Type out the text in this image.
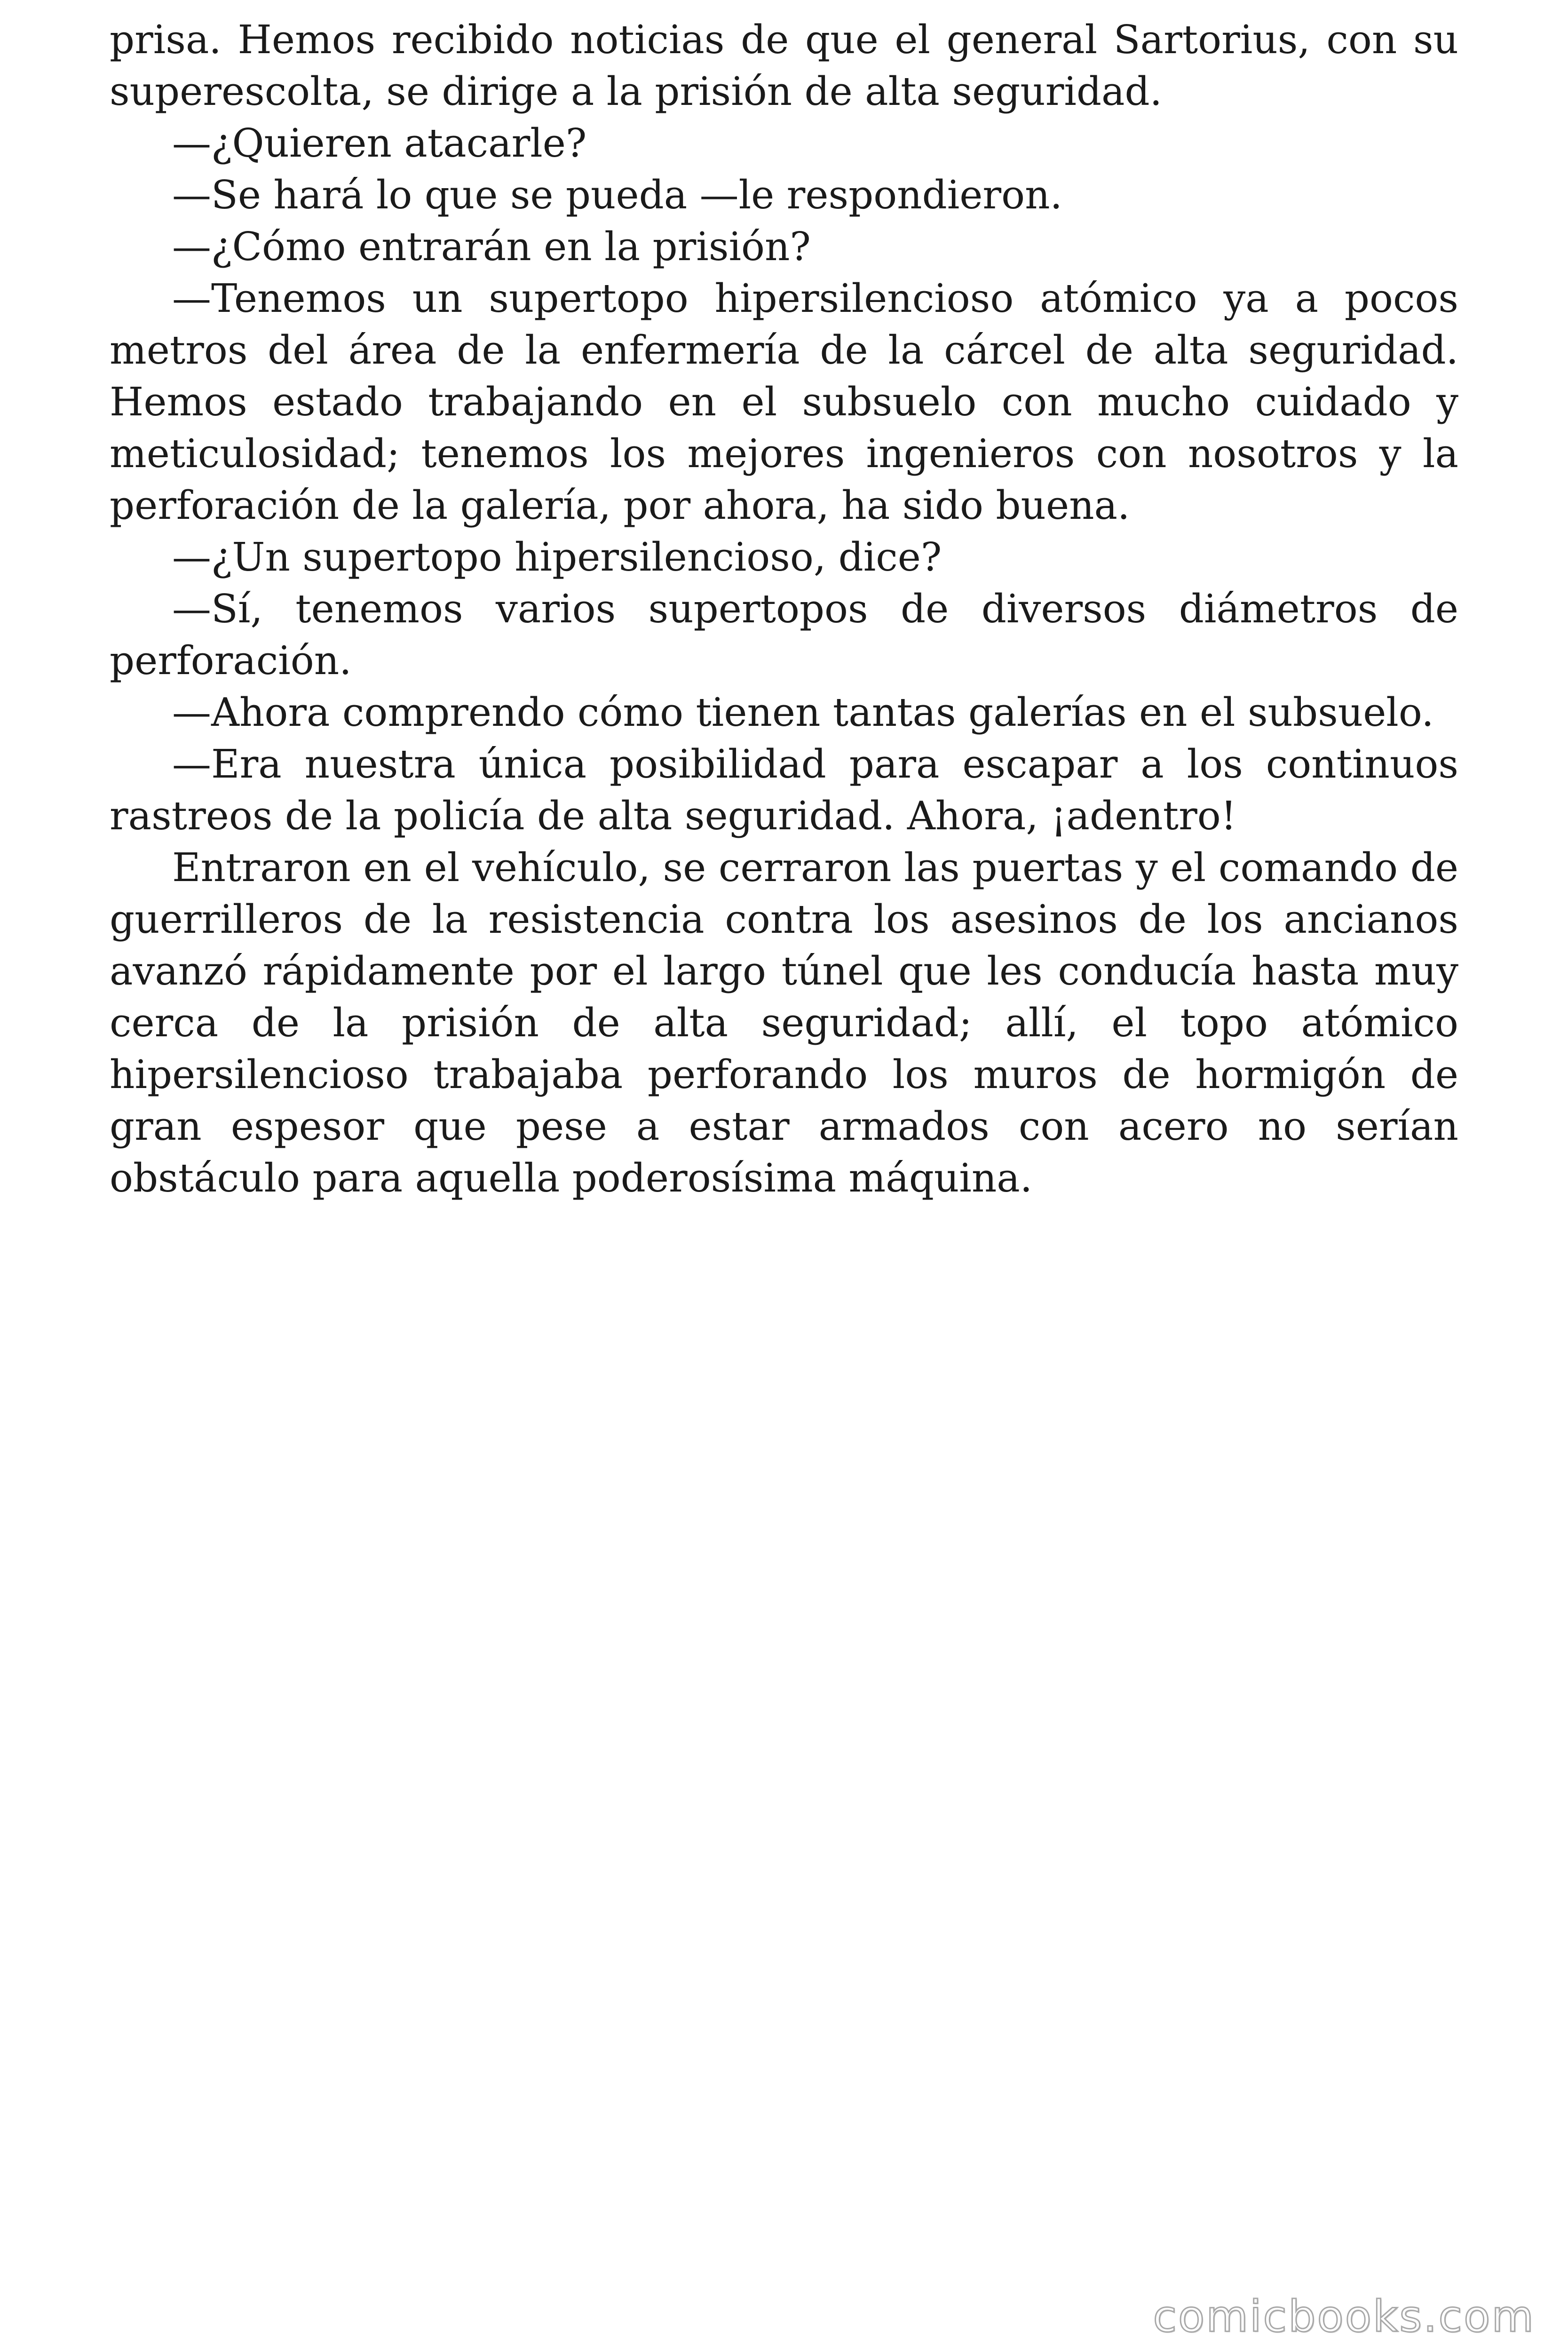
prisa. Hemos recibido noticias de que el general Sartorius, con su superescolta, se dirige a la prisión de alta seguridad.

—¿Quieren atacarle?

—Se hará lo que se pueda —le respondieron.

—¿Cómo entrarán en la prisión?

—Tenemos un supertopo hipersilencioso atómico ya a pocos metros del área de la enfermería de la cárcel de alta seguridad. Hemos estado trabajando en el subsuelo con mucho cuidado y meticulosidad; tenemos los mejores ingenieros con nosotros y la perforación de la galería, por ahora, ha sido buena.

—¿Un supertopo hipersilencioso, dice?

—Sí, tenemos varios supertopos de diversos diámetros de perforación.

—Ahora comprendo cómo tienen tantas galerías en el subsuelo.

—Era nuestra única posibilidad para escapar a los continuos rastreos de la policía de alta seguridad. Ahora, ¡adentro!

Entraron en el vehículo, se cerraron las puertas y el comando de guerrilleros de la resistencia contra los asesinos de los ancianos avanzó rápidamente por el largo túnel que les conducía hasta muy cerca de la prisión de alta seguridad; allí, el topo atómico hipersilencioso trabajaba perforando los muros de hormigón de gran espesor que pese a estar armados con acero no serían obstáculo para aquella poderosísima máquina.

comicbooks.com
